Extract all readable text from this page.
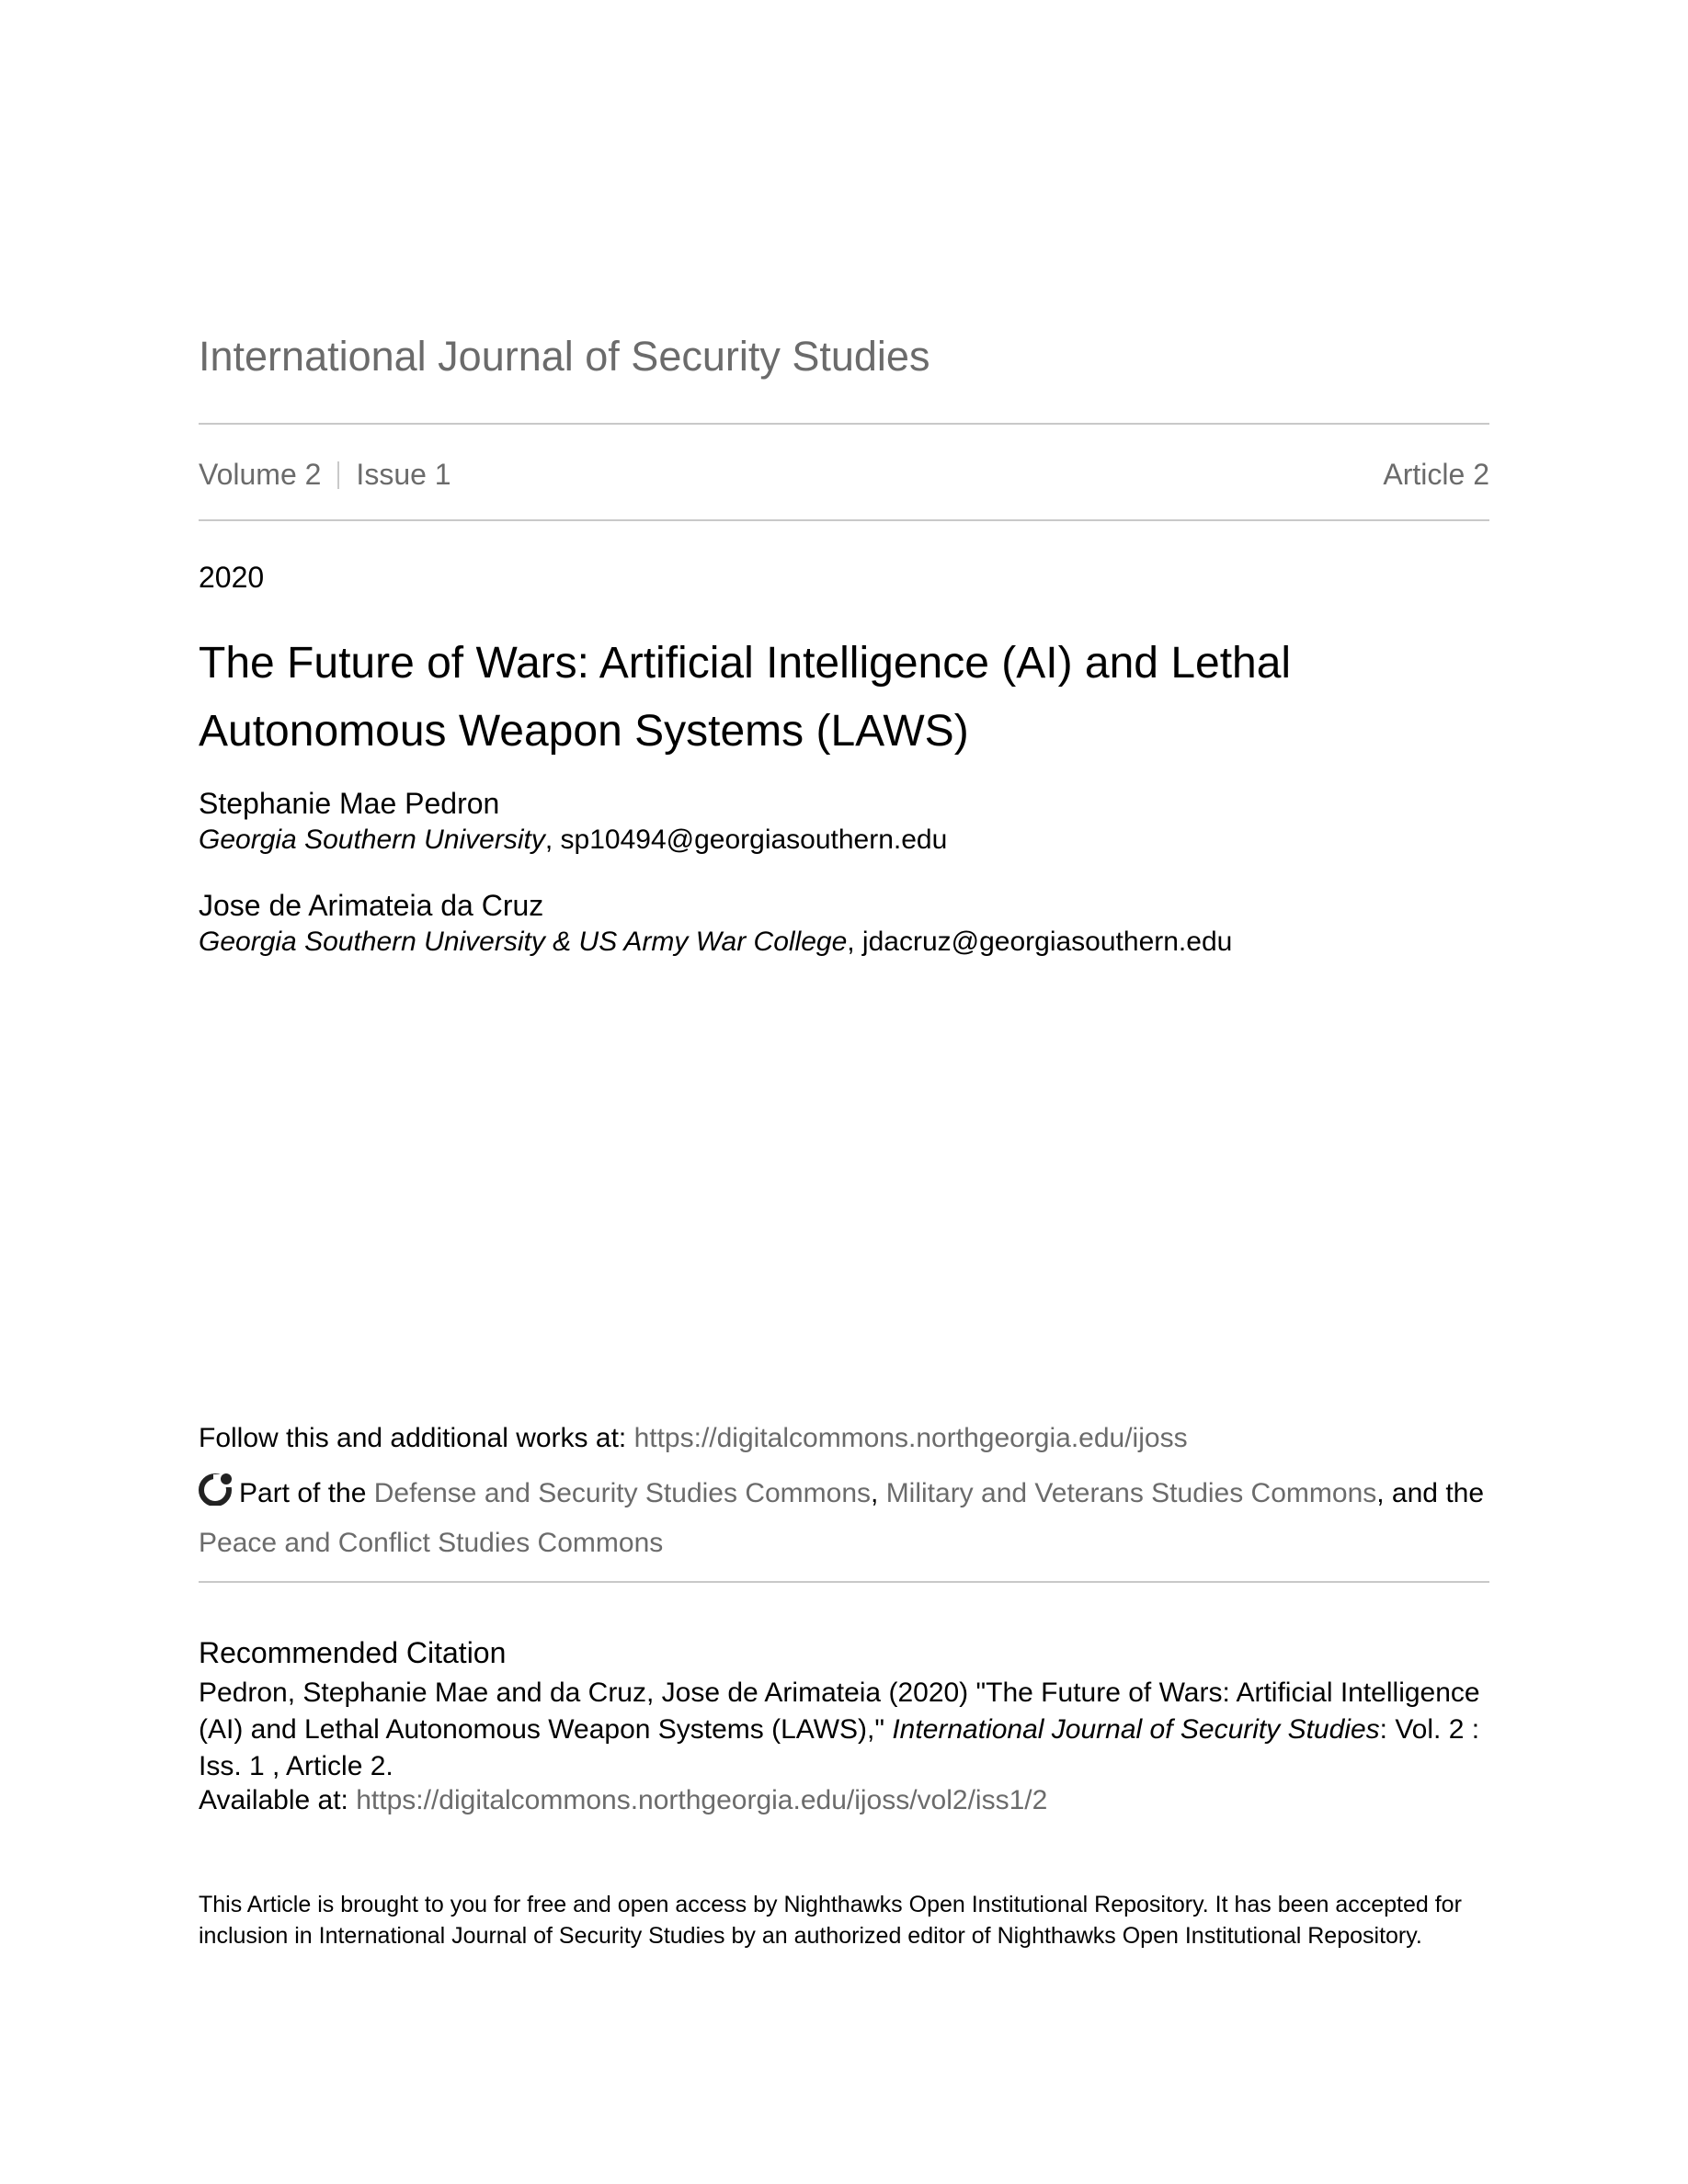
International Journal of Security Studies
Volume 2 Issue 1	Article 2
2020
The Future of Wars: Artificial Intelligence (AI) and Lethal Autonomous Weapon Systems (LAWS)
Stephanie Mae Pedron
Georgia Southern University, sp10494@georgiasouthern.edu
Jose de Arimateia da Cruz
Georgia Southern University & US Army War College, jdacruz@georgiasouthern.edu
Follow this and additional works at: https://digitalcommons.northgeorgia.edu/ijoss
Part of the Defense and Security Studies Commons, Military and Veterans Studies Commons, and the
Peace and Conflict Studies Commons
Recommended Citation
Pedron, Stephanie Mae and da Cruz, Jose de Arimateia (2020) "The Future of Wars: Artificial Intelligence (AI) and Lethal Autonomous Weapon Systems (LAWS)," International Journal of Security Studies: Vol. 2 : Iss. 1 , Article 2.
Available at: https://digitalcommons.northgeorgia.edu/ijoss/vol2/iss1/2
This Article is brought to you for free and open access by Nighthawks Open Institutional Repository. It has been accepted for inclusion in International Journal of Security Studies by an authorized editor of Nighthawks Open Institutional Repository.
